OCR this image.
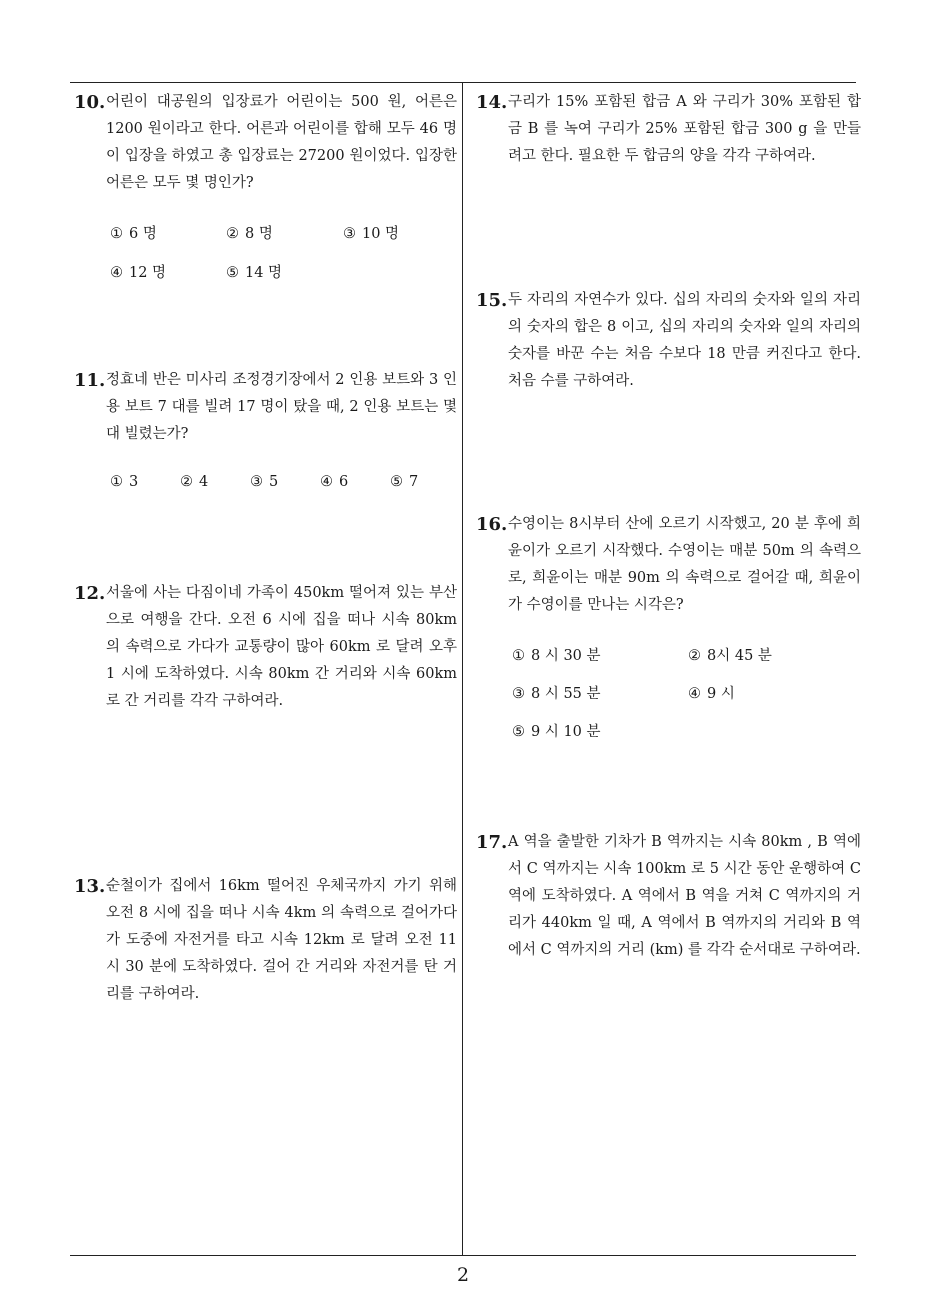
10. 어린이 대공원의 입장료가 어린이는 500 원, 어른은 1200 원이라고 한다. 어른과 어린이를 합해 모두 46 명이 입장을 하였고 총 입장료는 27200 원이었다. 입장한 어른은 모두 몇 명인가?
① 6 명	② 8 명	③ 10 명
④ 12 명	⑤ 14 명
11. 정효네 반은 미사리 조정경기장에서 2 인용 보트와 3 인용 보트 7 대를 빌려 17 명이 탔을 때, 2 인용 보트는 몇 대 빌렸는가?
① 3	② 4	③ 5	④ 6	⑤ 7
12. 서울에 사는 다짐이네 가족이 450km 떨어져 있는 부산으로 여행을 간다. 오전 6 시에 집을 떠나 시속 80km 의 속력으로 가다가 교통량이 많아 60km 로 달려 오후 1 시에 도착하였다. 시속 80km 간 거리와 시속 60km 로 간 거리를 각각 구하여라.
13. 순철이가 집에서 16km 떨어진 우체국까지 가기 위해 오전 8 시에 집을 떠나 시속 4km 의 속력으로 걸어가다가 도중에 자전거를 타고 시속 12km 로 달려 오전 11 시 30 분에 도착하였다. 걸어 간 거리와 자전거를 탄 거리를 구하여라.
14. 구리가 15% 포함된 합금 A 와 구리가 30% 포함된 합금 B 를 녹여 구리가 25% 포함된 합금 300 g 을 만들려고 한다. 필요한 두 합금의 양을 각각 구하여라.
15. 두 자리의 자연수가 있다. 십의 자리의 숫자와 일의 자리의 숫자의 합은 8 이고, 십의 자리의 숫자와 일의 자리의 숫자를 바꾼 수는 처음 수보다 18 만큼 커진다고 한다. 처음 수를 구하여라.
16. 수영이는 8시부터 산에 오르기 시작했고, 20 분 후에 희윤이가 오르기 시작했다. 수영이는 매분 50m 의 속력으로, 희윤이는 매분 90m 의 속력으로 걸어갈 때, 희윤이가 수영이를 만나는 시각은?
① 8 시 30 분	② 8시 45 분
③ 8 시 55 분	④ 9 시
⑤ 9 시 10 분
17. A 역을 출발한 기차가 B 역까지는 시속 80km , B 역에서 C 역까지는 시속 100km 로 5 시간 동안 운행하여 C 역에 도착하였다. A 역에서 B 역을 거쳐 C 역까지의 거리가 440km 일 때, A 역에서 B 역까지의 거리와 B 역에서 C 역까지의 거리 (km) 를 각각 순서대로 구하여라.
2
